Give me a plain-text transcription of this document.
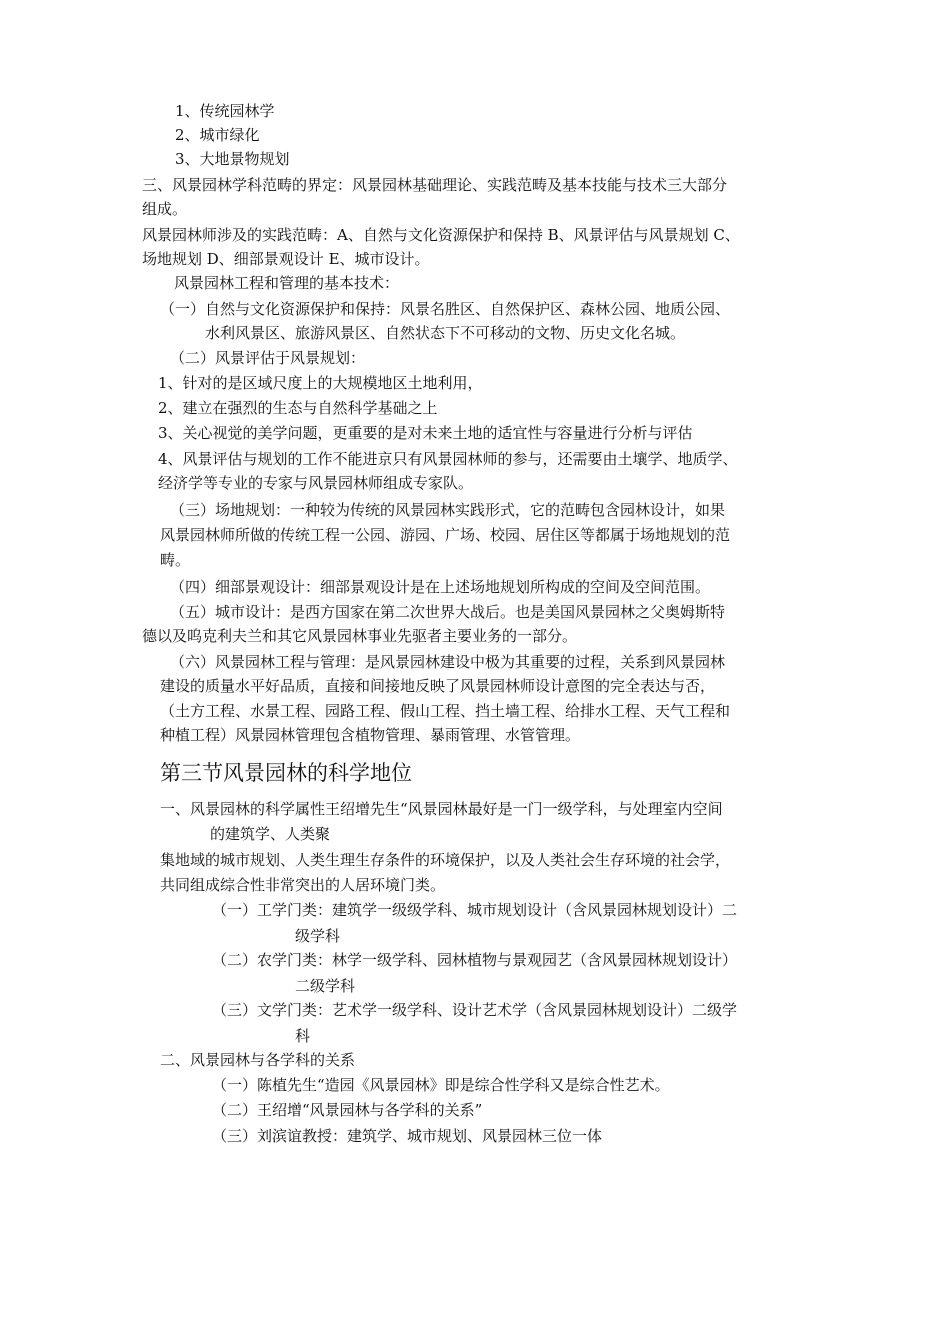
1、传统园林学
2、城市绿化
3、大地景物规划
三、风景园林学科范畴的界定：风景园林基础理论、实践范畴及基本技能与技术三大部分
组成。
风景园林师涉及的实践范畴：A、自然与文化资源保护和保持 B、风景评估与风景规划 C、
场地规划 D、细部景观设计 E、城市设计。
风景园林工程和管理的基本技术：
（一）自然与文化资源保护和保持：风景名胜区、自然保护区、森林公园、地质公园、
水利风景区、旅游风景区、自然状态下不可移动的文物、历史文化名城。
（二）风景评估于风景规划：
1、针对的是区域尺度上的大规模地区土地利用，
2、建立在强烈的生态与自然科学基础之上
3、关心视觉的美学问题，更重要的是对未来土地的适宜性与容量进行分析与评估
4、风景评估与规划的工作不能进京只有风景园林师的参与，还需要由土壤学、地质学、
经济学等专业的专家与风景园林师组成专家队。
（三）场地规划：一种较为传统的风景园林实践形式，它的范畴包含园林设计，如果
风景园林师所做的传统工程一公园、游园、广场、校园、居住区等都属于场地规划的范
畴。
（四）细部景观设计：细部景观设计是在上述场地规划所构成的空间及空间范围。
（五）城市设计：是西方国家在第二次世界大战后。也是美国风景园林之父奥姆斯特
德以及呜克利夫兰和其它风景园林事业先驱者主要业务的一部分。
（六）风景园林工程与管理：是风景园林建设中极为其重要的过程，关系到风景园林
建设的质量水平好品质，直接和间接地反映了风景园林师设计意图的完全表达与否，
（土方工程、水景工程、园路工程、假山工程、挡土墙工程、给排水工程、天气工程和
种植工程）风景园林管理包含植物管理、暴雨管理、水管管理。
第三节风景园林的科学地位
一、风景园林的科学属性王绍增先生“风景园林最好是一门一级学科，与处理室内空间
的建筑学、人类聚
集地域的城市规划、人类生理生存条件的环境保护，以及人类社会生存环境的社会学，
共同组成综合性非常突出的人居环境门类。
（一）工学门类：建筑学一级级学科、城市规划设计（含风景园林规划设计）二
级学科
（二）农学门类：林学一级学科、园林植物与景观园艺（含风景园林规划设计）
二级学科
（三）文学门类：艺术学一级学科、设计艺术学（含风景园林规划设计）二级学
科
二、风景园林与各学科的关系
（一）陈植先生“造园《风景园林》即是综合性学科又是综合性艺术。
（二）王绍增“风景园林与各学科的关系”
（三）刘滨谊教授：建筑学、城市规划、风景园林三位一体
